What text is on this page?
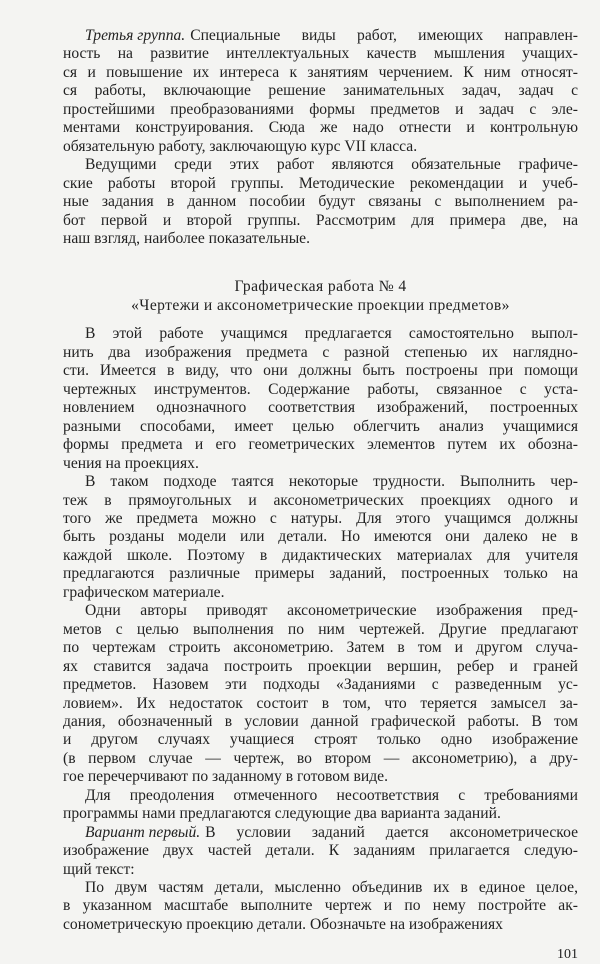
Третья группа. Специальные виды работ, имеющих направлен-
ность на развитие интеллектуальных качеств мышления учащих-
ся и повышение их интереса к занятиям черчением. К ним относят-
ся работы, включающие решение занимательных задач, задач с
простейшими преобразованиями формы предметов и задач с эле-
ментами конструирования. Сюда же надо отнести и контрольную
обязательную работу, заключающую курс VII класса.
Ведущими среди этих работ являются обязательные графиче-
ские работы второй группы. Методические рекомендации и учеб-
ные задания в данном пособии будут связаны с выполнением ра-
бот первой и второй группы. Рассмотрим для примера две, на
наш взгляд, наиболее показательные.
Графическая работа № 4
«Чертежи и аксонометрические проекции предметов»
В этой работе учащимся предлагается самостоятельно выпол-
нить два изображения предмета с разной степенью их наглядно-
сти. Имеется в виду, что они должны быть построены при помощи
чертежных инструментов. Содержание работы, связанное с уста-
новлением однозначного соответствия изображений, построенных
разными способами, имеет целью облегчить анализ учащимися
формы предмета и его геометрических элементов путем их обозна-
чения на проекциях.
В таком подходе таятся некоторые трудности. Выполнить чер-
теж в прямоугольных и аксонометрических проекциях одного и
того же предмета можно с натуры. Для этого учащимся должны
быть розданы модели или детали. Но имеются они далеко не в
каждой школе. Поэтому в дидактических материалах для учителя
предлагаются различные примеры заданий, построенных только на
графическом материале.
Одни авторы приводят аксонометрические изображения пред-
метов с целью выполнения по ним чертежей. Другие предлагают
по чертежам строить аксонометрию. Затем в том и другом случа-
ях ставится задача построить проекции вершин, ребер и граней
предметов. Назовем эти подходы «Заданиями с разведенным ус-
ловием». Их недостаток состоит в том, что теряется замысел за-
дания, обозначенный в условии данной графической работы. В том
и другом случаях учащиеся строят только одно изображение
(в первом случае — чертеж, во втором — аксонометрию), а дру-
гое перечерчивают по заданному в готовом виде.
Для преодоления отмеченного несоответствия с требованиями
программы нами предлагаются следующие два варианта заданий.
Вариант первый. В условии заданий дается аксонометрическое
изображение двух частей детали. К заданиям прилагается следую-
щий текст:
По двум частям детали, мысленно объединив их в единое целое,
в указанном масштабе выполните чертеж и по нему постройте ак-
сонометрическую проекцию детали. Обозначьте на изображениях
101
